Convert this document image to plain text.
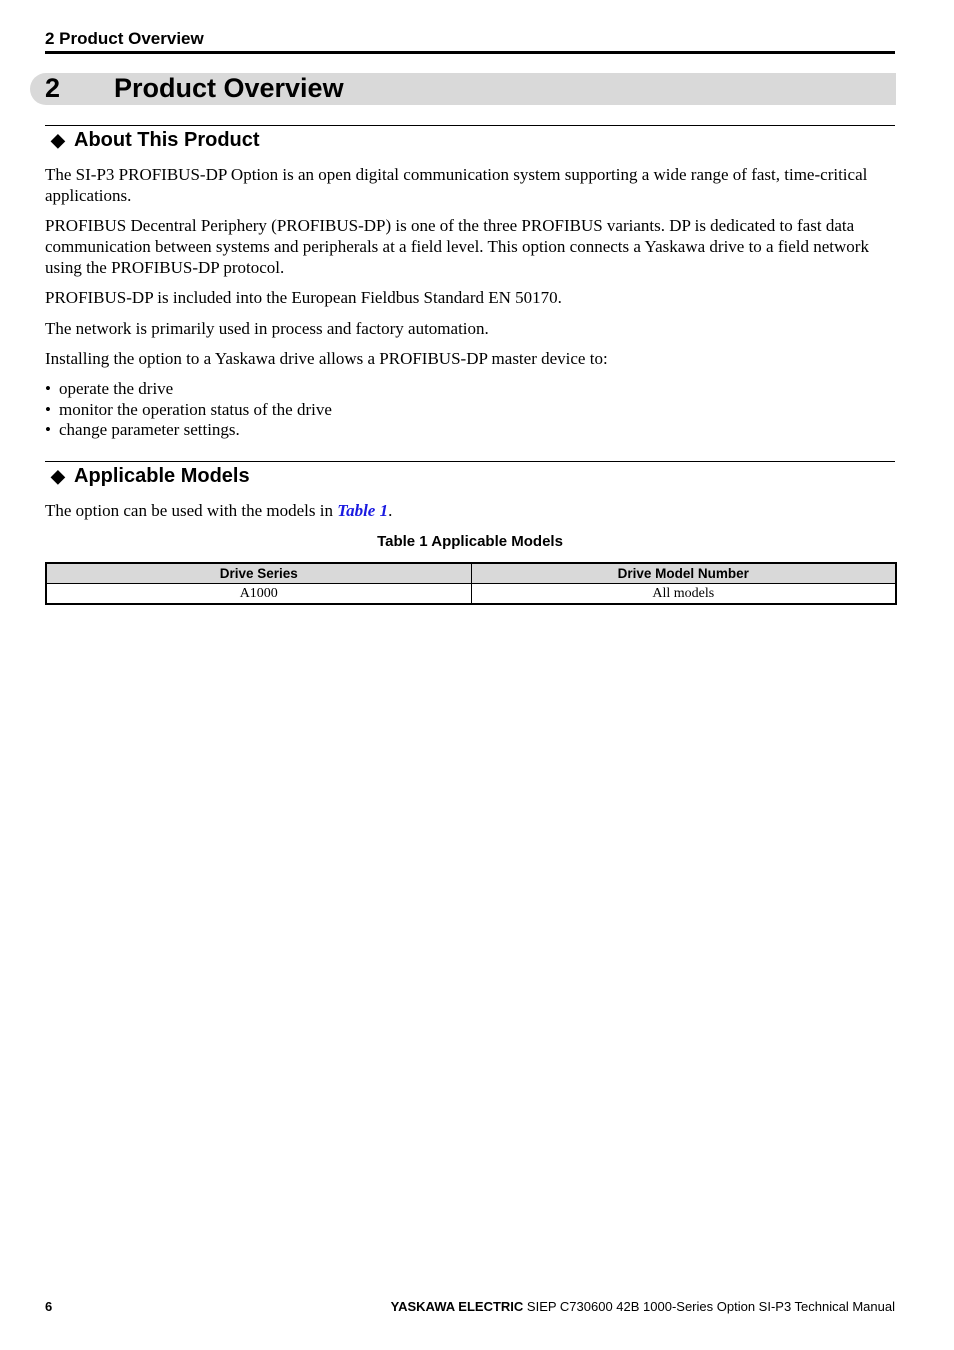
2 Product Overview
2 Product Overview
◆ About This Product
The SI-P3 PROFIBUS-DP Option is an open digital communication system supporting a wide range of fast, time-critical applications.
PROFIBUS Decentral Periphery (PROFIBUS-DP) is one of the three PROFIBUS variants. DP is dedicated to fast data communication between systems and peripherals at a field level. This option connects a Yaskawa drive to a field network using the PROFIBUS-DP protocol.
PROFIBUS-DP is included into the European Fieldbus Standard EN 50170.
The network is primarily used in process and factory automation.
Installing the option to a Yaskawa drive allows a PROFIBUS-DP master device to:
• operate the drive
• monitor the operation status of the drive
• change parameter settings.
◆ Applicable Models
The option can be used with the models in Table 1.
Table 1 Applicable Models
Drive Series	Drive Model Number
A1000	All models
6	YASKAWA ELECTRIC SIEP C730600 42B 1000-Series Option SI-P3 Technical Manual
